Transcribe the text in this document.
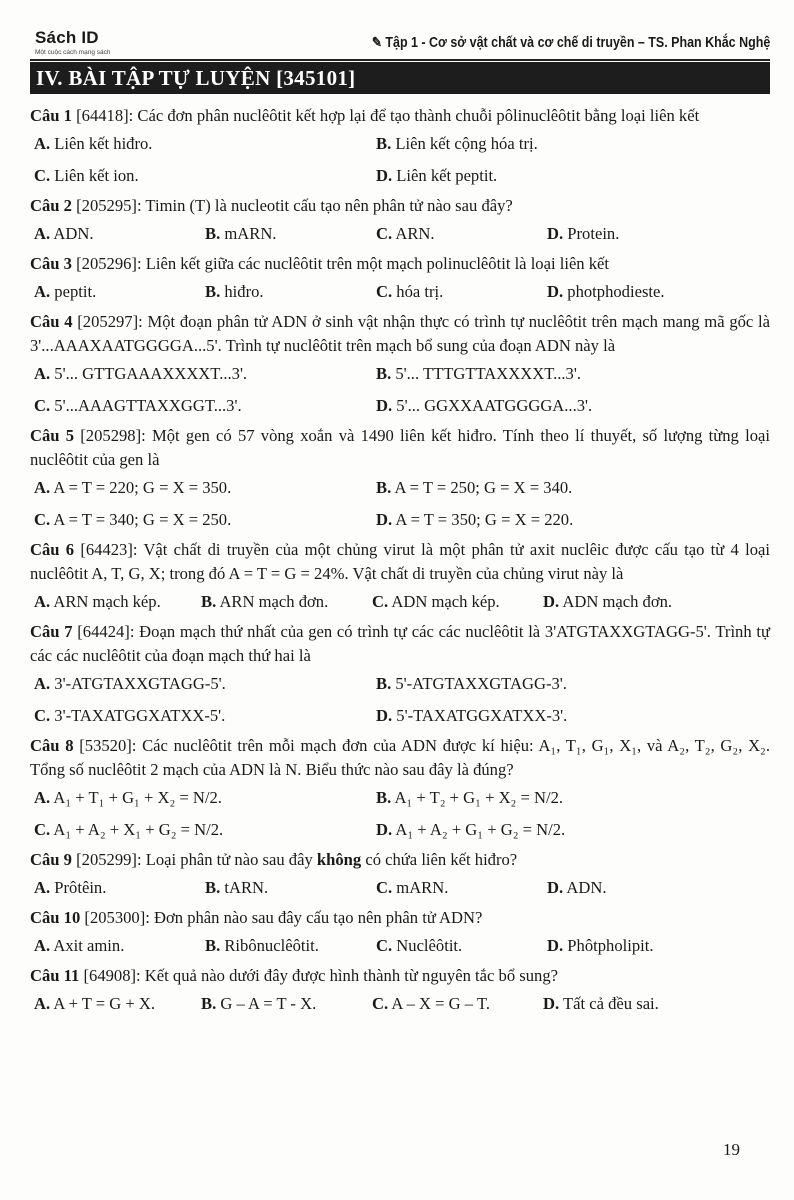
Sách ID
Một cuộc cách mạng sách
✎ Tập 1 - Cơ sở vật chất và cơ chế di truyền – TS. Phan Khắc Nghệ
IV. BÀI TẬP TỰ LUYỆN [345101]
Câu 1 [64418]: Các đơn phân nuclêôtit kết hợp lại để tạo thành chuỗi pôlinuclêôtit bằng loại liên kết
A. Liên kết hiđro.	B. Liên kết cộng hóa trị.
C. Liên kết ion.	D. Liên kết peptit.
Câu 2 [205295]: Timin (T) là nucleotit cấu tạo nên phân tử nào sau đây?
A. ADN.	B. mARN.	C. ARN.	D. Protein.
Câu 3 [205296]: Liên kết giữa các nuclêôtit trên một mạch polinuclêôtit là loại liên kết
A. peptit.	B. hiđro.	C. hóa trị.	D. photphodieste.
Câu 4 [205297]: Một đoạn phân tử ADN ở sinh vật nhận thực có trình tự nuclêôtit trên mạch mang mã gốc là 3'...AAAXAATGGGGA...5'. Trình tự nuclêôtit trên mạch bổ sung của đoạn ADN này là
A. 5'... GTTGAAAXXXXT...3'.	B. 5'... TTTGTTAXXXXT...3'.
C. 5'...AAAGTTAXXGGT...3'.	D. 5'... GGXXAATGGGGA...3'.
Câu 5 [205298]: Một gen có 57 vòng xoắn và 1490 liên kết hiđro. Tính theo lí thuyết, số lượng từng loại nuclêôtit của gen là
A. A = T = 220; G = X = 350.	B. A = T = 250; G = X = 340.
C. A = T = 340; G = X = 250.	D. A = T = 350; G = X = 220.
Câu 6 [64423]: Vật chất di truyền của một chủng virut là một phân tử axit nuclêic được cấu tạo từ 4 loại nuclêôtit A, T, G, X; trong đó A = T = G = 24%. Vật chất di truyền của chủng virut này là
A. ARN mạch kép.	B. ARN mạch đơn.	C. ADN mạch kép.	D. ADN mạch đơn.
Câu 7 [64424]: Đoạn mạch thứ nhất của gen có trình tự các các nuclêôtit là 3'ATGTAXXGTAGG-5'. Trình tự các các nuclêôtit của đoạn mạch thứ hai là
A. 3'-ATGTAXXGTAGG-5'.	B. 5'-ATGTAXXGTAGG-3'.
C. 3'-TAXATGGXATXX-5'.	D. 5'-TAXATGGXATXX-3'.
Câu 8 [53520]: Các nuclêôtit trên mỗi mạch đơn của ADN được kí hiệu: A₁, T₁, G₁, X₁, và A₂, T₂, G₂, X₂. Tổng số nuclêôtit 2 mạch của ADN là N. Biểu thức nào sau đây là đúng?
A. A₁ + T₁ + G₁ + X₂ = N/2.	B. A₁ + T₂ + G₁ + X₂ = N/2.
C. A₁ + A₂ + X₁ + G₂ = N/2.	D. A₁ + A₂ + G₁ + G₂ = N/2.
Câu 9 [205299]: Loại phân tử nào sau đây không có chứa liên kết hiđro?
A. Prôtêin.	B. tARN.	C. mARN.	D. ADN.
Câu 10 [205300]: Đơn phân nào sau đây cấu tạo nên phân tử ADN?
A. Axit amin.	B. Ribônuclêôtit.	C. Nuclêôtit.	D. Phôtpholipit.
Câu 11 [64908]: Kết quả nào dưới đây được hình thành từ nguyên tắc bổ sung?
A. A + T = G + X.	B. G – A = T - X.	C. A – X = G – T.	D. Tất cả đều sai.
19
